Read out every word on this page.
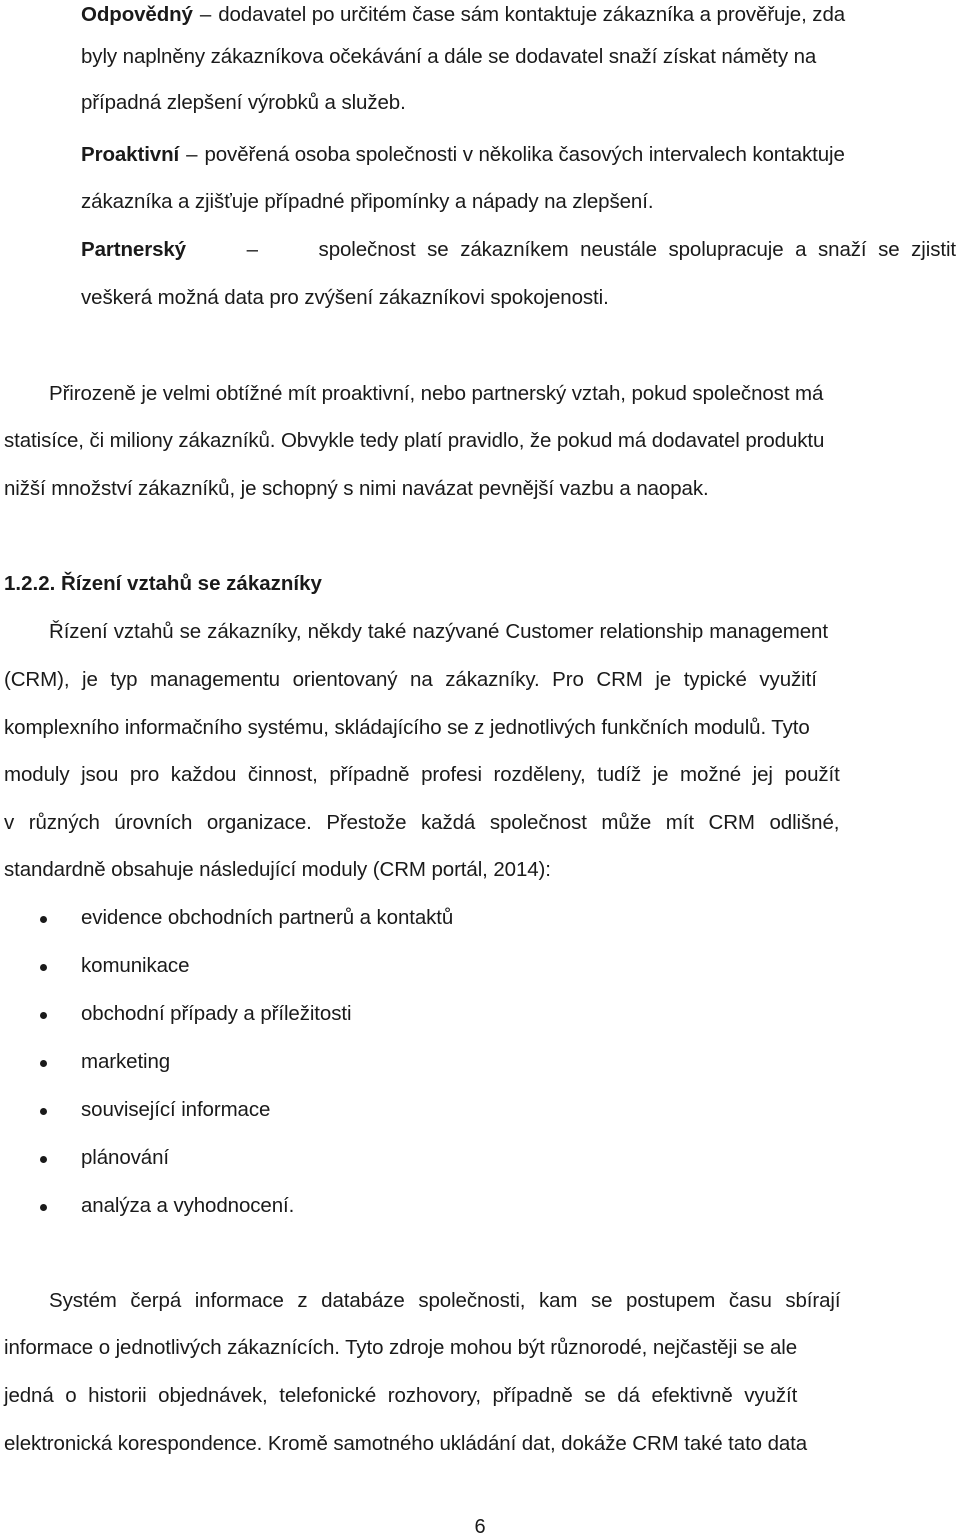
Odpovědný – dodavatel po určitém čase sám kontaktuje zákazníka a prověřuje, zda
byly naplněny zákazníkova očekávání a dále se dodavatel snaží získat náměty na
případná zlepšení výrobků a služeb.
Proaktivní – pověřená osoba společnosti v několika časových intervalech kontaktuje
zákazníka a zjišťuje případné připomínky a nápady na zlepšení.
Partnerský	–	společnost se zákazníkem neustále spolupracuje a snaží se zjistit
veškerá možná data pro zvýšení zákazníkovi spokojenosti.
Přirozeně je velmi obtížné mít proaktivní, nebo partnerský vztah, pokud společnost má
statisíce, či miliony zákazníků. Obvykle tedy platí pravidlo, že pokud má dodavatel produktu
nižší množství zákazníků, je schopný s nimi navázat pevnější vazbu a naopak.
1.2.2. Řízení vztahů se zákazníky
Řízení vztahů se zákazníky, někdy také nazývané Customer relationship management
(CRM), je typ managementu orientovaný na zákazníky. Pro CRM je typické využití
komplexního informačního systému, skládajícího se z jednotlivých funkčních modulů. Tyto
moduly jsou pro každou činnost, případně profesi rozděleny, tudíž je možné jej použít
v různých úrovních organizace. Přestože každá společnost může mít CRM odlišné,
standardně obsahuje následující moduly (CRM portál, 2014):
evidence obchodních partnerů a kontaktů
komunikace
obchodní případy a příležitosti
marketing
související informace
plánování
analýza a vyhodnocení.
Systém čerpá informace z databáze společnosti, kam se postupem času sbírají
informace o jednotlivých zákaznících. Tyto zdroje mohou být různorodé, nejčastěji se ale
jedná o historii objednávek, telefonické rozhovory, případně se dá efektivně využít
elektronická korespondence. Kromě samotného ukládání dat, dokáže CRM také tato data
6
